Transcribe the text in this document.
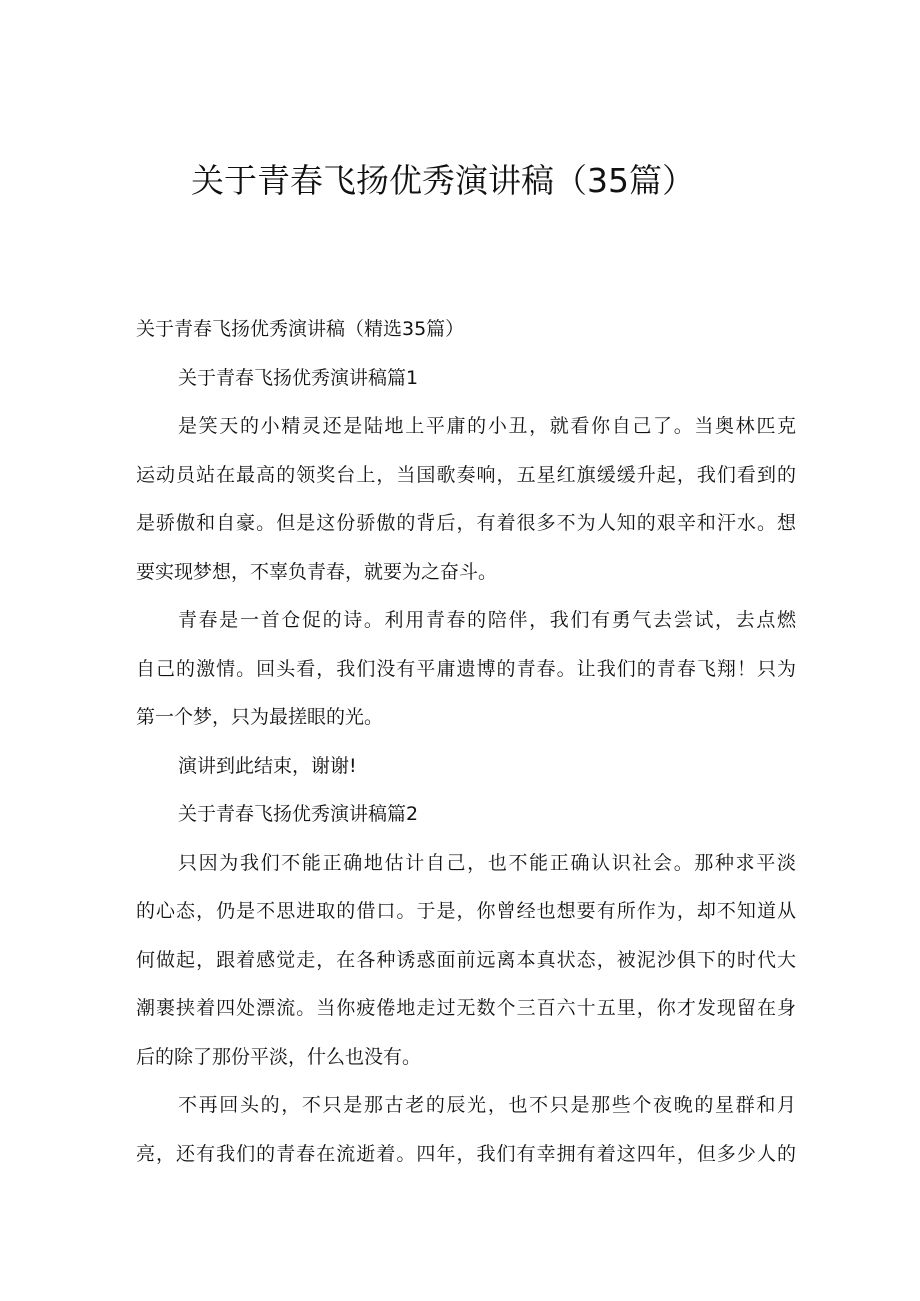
关于青春飞扬优秀演讲稿（35篇）
关于青春飞扬优秀演讲稿（精选35篇）
关于青春飞扬优秀演讲稿篇1
是笑天的小精灵还是陆地上平庸的小丑，就看你自己了。当奥林匹克
运动员站在最高的领奖台上，当国歌奏响，五星红旗缓缓升起，我们看到的
是骄傲和自豪。但是这份骄傲的背后，有着很多不为人知的艰辛和汗水。想
要实现梦想，不辜负青春，就要为之奋斗。
青春是一首仓促的诗。利用青春的陪伴，我们有勇气去尝试，去点燃
自己的激情。回头看，我们没有平庸遗博的青春。让我们的青春飞翔！只为
第一个梦，只为最搓眼的光。
演讲到此结束，谢谢!
关于青春飞扬优秀演讲稿篇2
只因为我们不能正确地估计自己，也不能正确认识社会。那种求平淡
的心态，仍是不思进取的借口。于是，你曾经也想要有所作为，却不知道从
何做起，跟着感觉走，在各种诱惑面前远离本真状态，被泥沙俱下的时代大
潮裹挟着四处漂流。当你疲倦地走过无数个三百六十五里，你才发现留在身
后的除了那份平淡，什么也没有。
不再回头的，不只是那古老的辰光，也不只是那些个夜晚的星群和月
亮，还有我们的青春在流逝着。四年，我们有幸拥有着这四年，但多少人的
